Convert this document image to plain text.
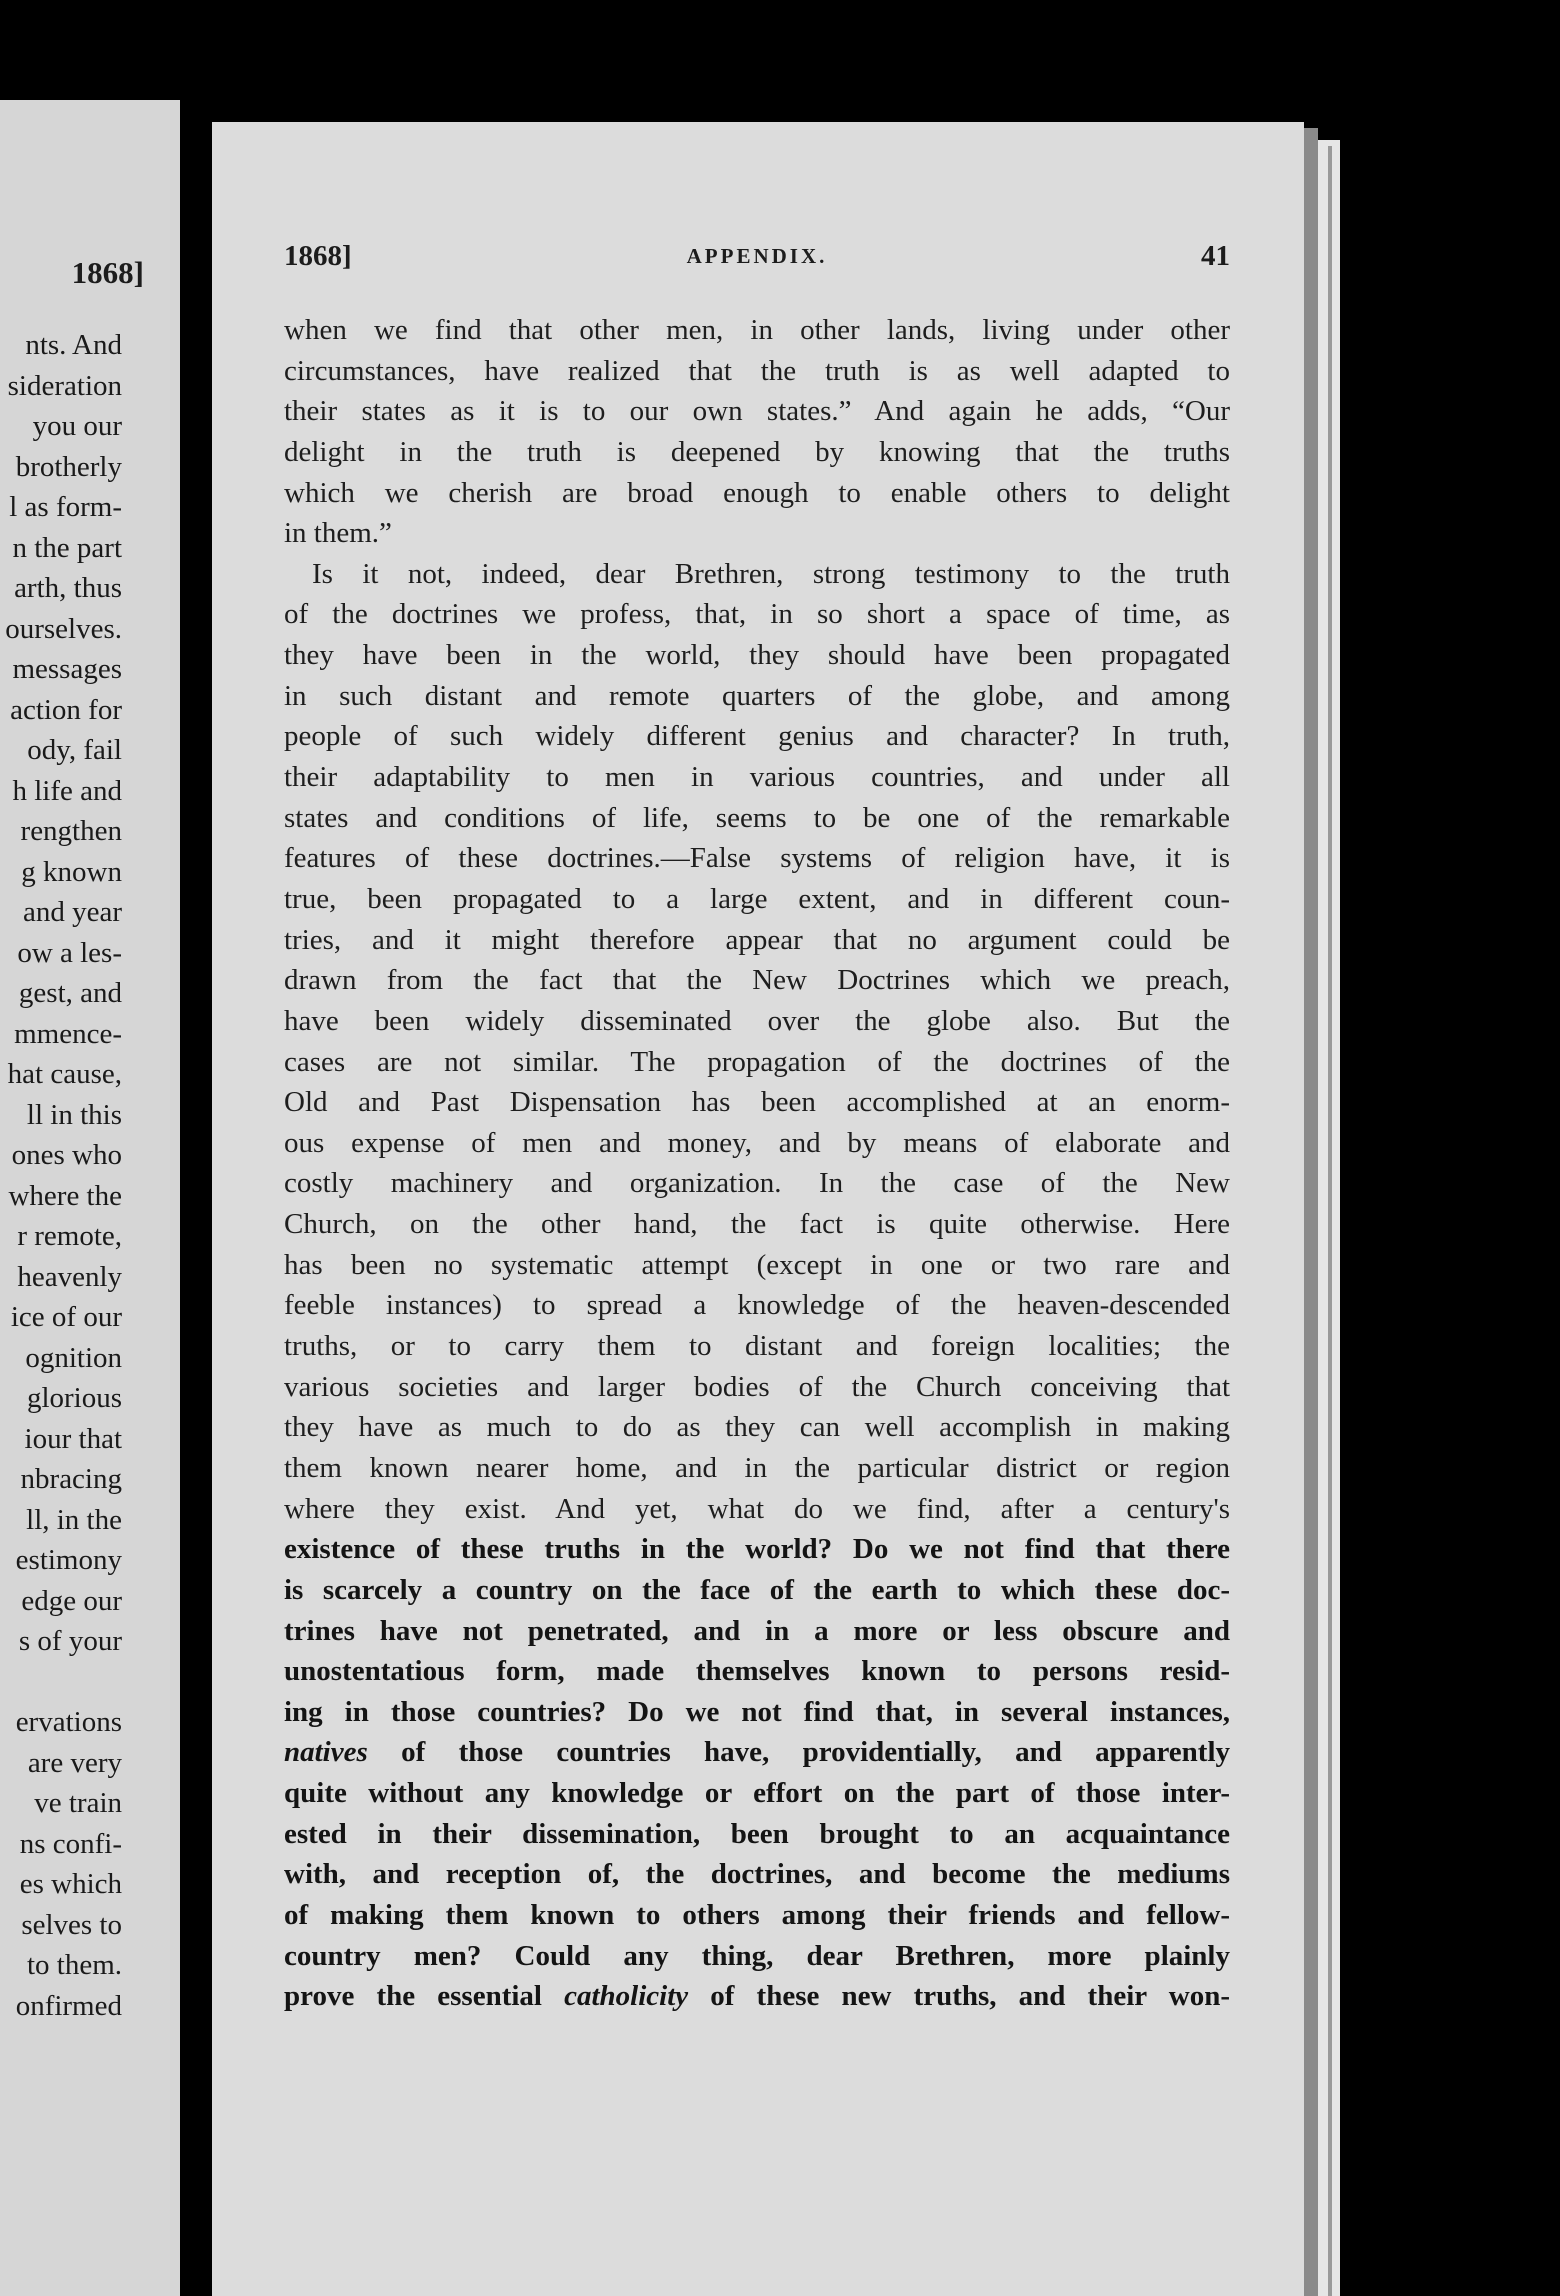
1868]
nts. And
sideration
you our
brotherly
l as form-
n the part
arth, thus
ourselves.
messages
action for
ody, fail
h life and
rengthen
g known
and year
ow a les-
gest, and
mmence-
hat cause,
ll in this
ones who
where the
r remote,
heavenly
ice of our
ognition
glorious
iour that
nbracing
ll, in the
estimony
edge our
s of your

ervations
are very
ve train
ns confi-
es which
selves to
to them.
onfirmed
1868]	APPENDIX.	41
when we find that other men, in other lands, living under other
circumstances, have realized that the truth is as well adapted to
their states as it is to our own states.” And again he adds, “Our
delight in the truth is deepened by knowing that the truths
which we cherish are broad enough to enable others to delight
in them.”
Is it not, indeed, dear Brethren, strong testimony to the truth
of the doctrines we profess, that, in so short a space of time, as
they have been in the world, they should have been propagated
in such distant and remote quarters of the globe, and among
people of such widely different genius and character? In truth,
their adaptability to men in various countries, and under all
states and conditions of life, seems to be one of the remarkable
features of these doctrines.—False systems of religion have, it is
true, been propagated to a large extent, and in different coun-
tries, and it might therefore appear that no argument could be
drawn from the fact that the New Doctrines which we preach,
have been widely disseminated over the globe also. But the
cases are not similar. The propagation of the doctrines of the
Old and Past Dispensation has been accomplished at an enorm-
ous expense of men and money, and by means of elaborate and
costly machinery and organization. In the case of the New
Church, on the other hand, the fact is quite otherwise. Here
has been no systematic attempt (except in one or two rare and
feeble instances) to spread a knowledge of the heaven-descended
truths, or to carry them to distant and foreign localities; the
various societies and larger bodies of the Church conceiving that
they have as much to do as they can well accomplish in making
them known nearer home, and in the particular district or region
where they exist. And yet, what do we find, after a century's
existence of these truths in the world? Do we not find that there
is scarcely a country on the face of the earth to which these doc-
trines have not penetrated, and in a more or less obscure and
unostentatious form, made themselves known to persons resid-
ing in those countries? Do we not find that, in several instances,
natives of those countries have, providentially, and apparently
quite without any knowledge or effort on the part of those inter-
ested in their dissemination, been brought to an acquaintance
with, and reception of, the doctrines, and become the mediums
of making them known to others among their friends and fellow-
country men? Could any thing, dear Brethren, more plainly
prove the essential catholicity of these new truths, and their won-
